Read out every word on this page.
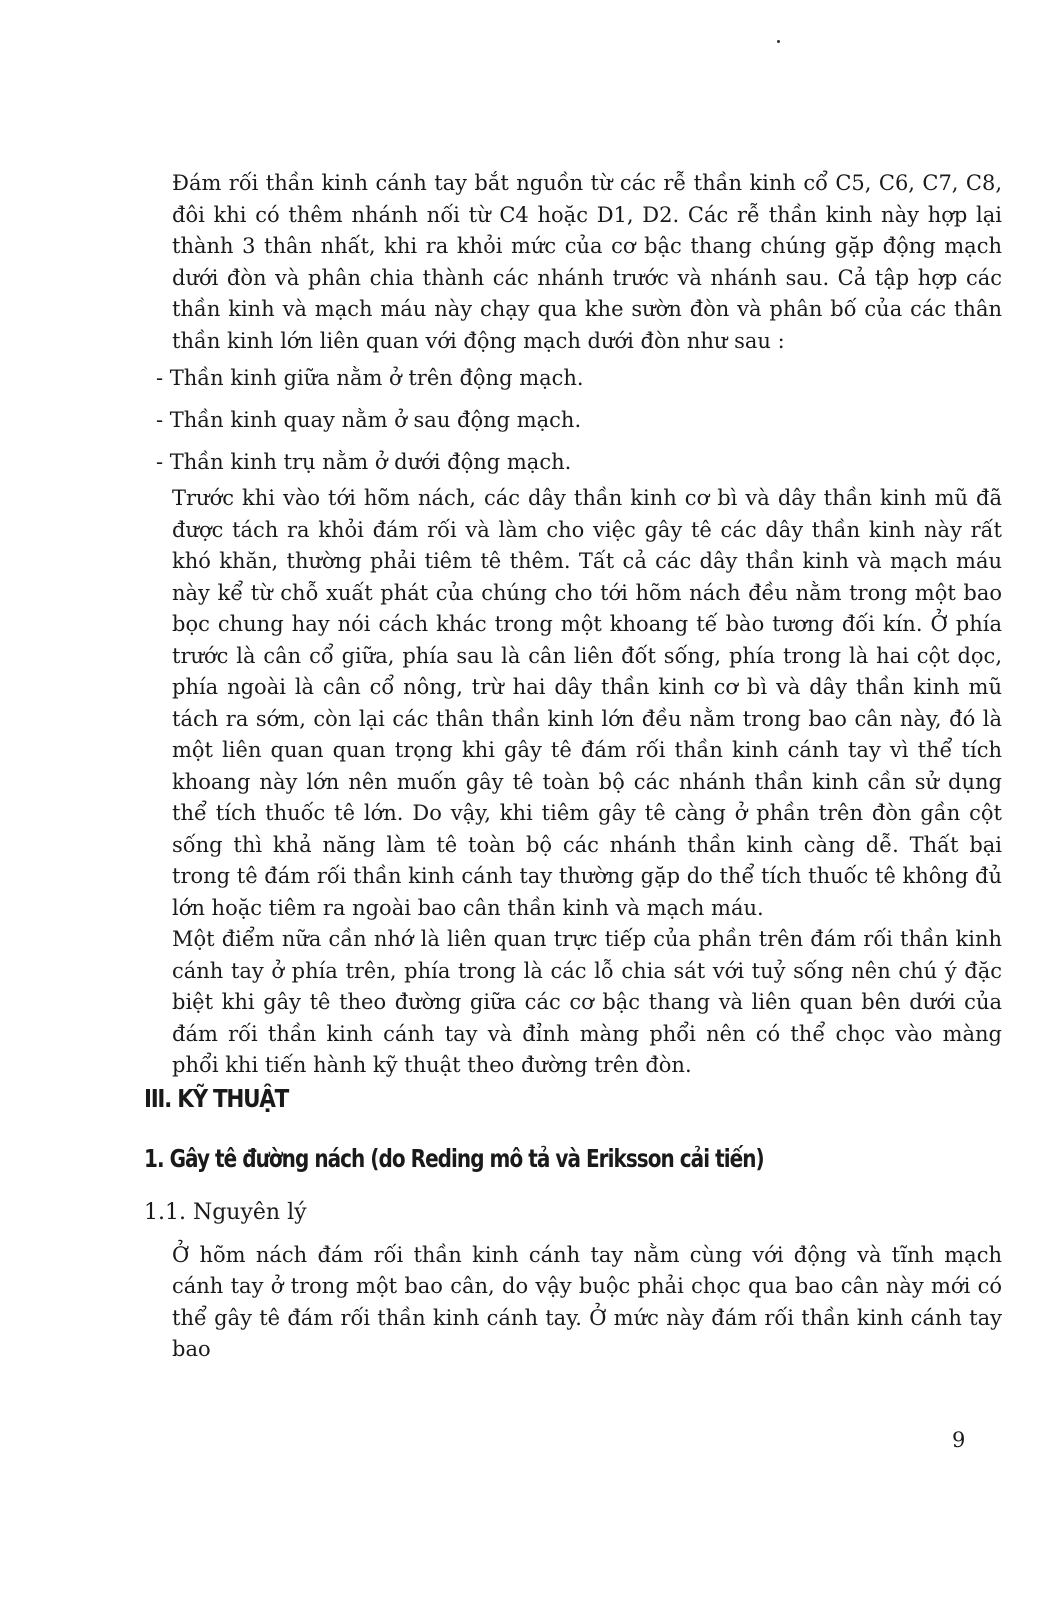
Đám rối thần kinh cánh tay bắt nguồn từ các rễ thần kinh cổ C5, C6, C7, C8, đôi khi có thêm nhánh nối từ C4 hoặc D1, D2. Các rễ thần kinh này hợp lại thành 3 thân nhất, khi ra khỏi mức của cơ bậc thang chúng gặp động mạch dưới đòn và phân chia thành các nhánh trước và nhánh sau. Cả tập hợp các thần kinh và mạch máu này chạy qua khe sườn đòn và phân bố của các thân thần kinh lớn liên quan với động mạch dưới đòn như sau :

- Thần kinh giữa nằm ở trên động mạch.
- Thần kinh quay nằm ở sau động mạch.
- Thần kinh trụ nằm ở dưới động mạch.

Trước khi vào tới hõm nách, các dây thần kinh cơ bì và dây thần kinh mũ đã được tách ra khỏi đám rối và làm cho việc gây tê các dây thần kinh này rất khó khăn, thường phải tiêm tê thêm. Tất cả các dây thần kinh và mạch máu này kể từ chỗ xuất phát của chúng cho tới hõm nách đều nằm trong một bao bọc chung hay nói cách khác trong một khoang tế bào tương đối kín. Ở phía trước là cân cổ giữa, phía sau là cân liên đốt sống, phía trong là hai cột dọc, phía ngoài là cân cổ nông, trừ hai dây thần kinh cơ bì và dây thần kinh mũ tách ra sớm, còn lại các thân thần kinh lớn đều nằm trong bao cân này, đó là một liên quan quan trọng khi gây tê đám rối thần kinh cánh tay vì thể tích khoang này lớn nên muốn gây tê toàn bộ các nhánh thần kinh cần sử dụng thể tích thuốc tê lớn. Do vậy, khi tiêm gây tê càng ở phần trên đòn gần cột sống thì khả năng làm tê toàn bộ các nhánh thần kinh càng dễ. Thất bại trong tê đám rối thần kinh cánh tay thường gặp do thể tích thuốc tê không đủ lớn hoặc tiêm ra ngoài bao cân thần kinh và mạch máu.

Một điểm nữa cần nhớ là liên quan trực tiếp của phần trên đám rối thần kinh cánh tay ở phía trên, phía trong là các lỗ chia sát với tuỷ sống nên chú ý đặc biệt khi gây tê theo đường giữa các cơ bậc thang và liên quan bên dưới của đám rối thần kinh cánh tay và đỉnh màng phổi nên có thể chọc vào màng phổi khi tiến hành kỹ thuật theo đường trên đòn.

III. KỸ THUẬT
1. Gây tê đường nách (do Reding mô tả và Eriksson cải tiến)
1.1. Nguyên lý

Ở hõm nách đám rối thần kinh cánh tay nằm cùng với động và tĩnh mạch cánh tay ở trong một bao cân, do vậy buộc phải chọc qua bao cân này mới có thể gây tê đám rối thần kinh cánh tay. Ở mức này đám rối thần kinh cánh tay bao

9
